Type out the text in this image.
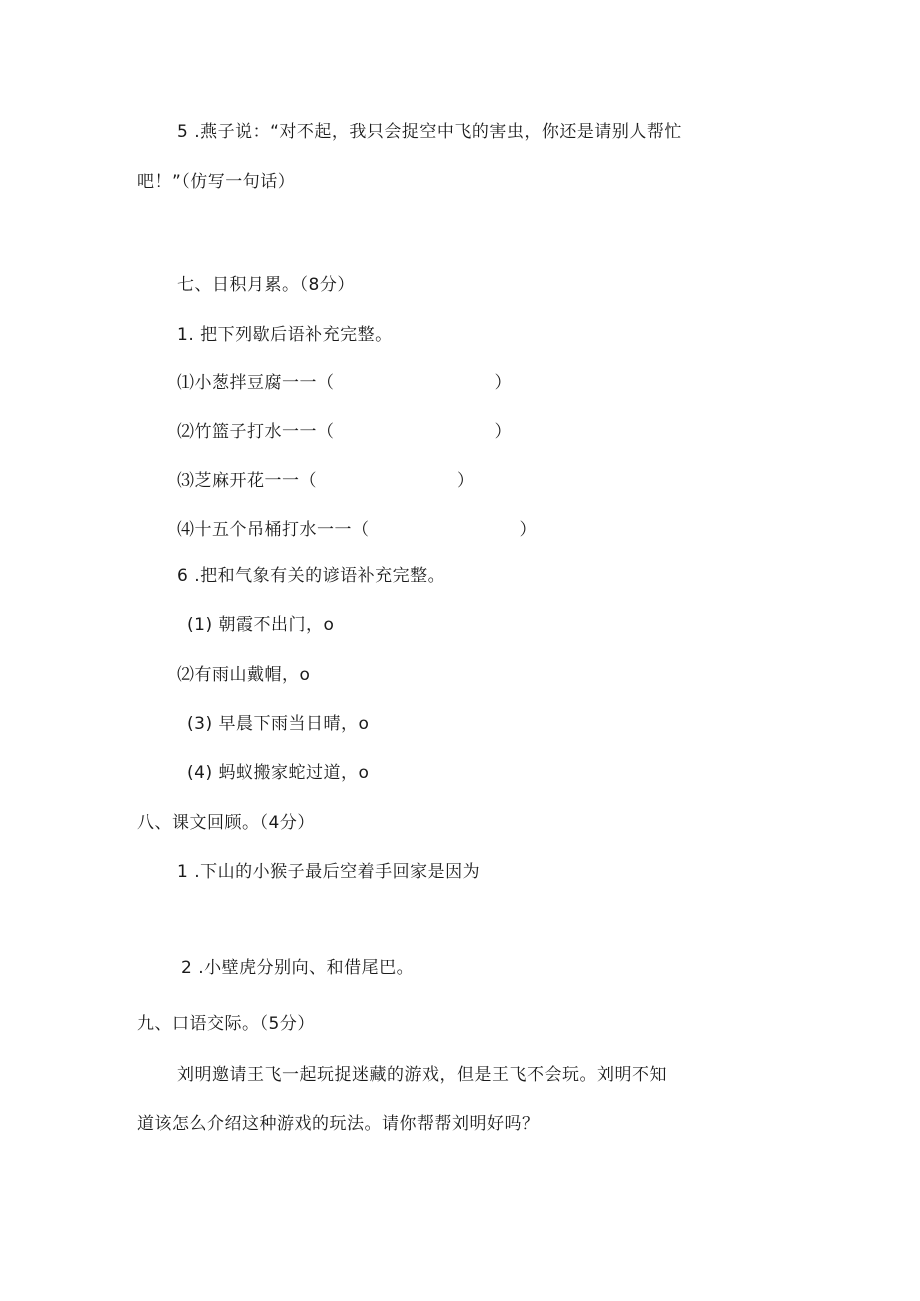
5 .燕子说：“对不起，我只会捉空中飞的害虫，你还是请别人帮忙
吧！”（仿写一句话）
七、日积月累。（8分）
1. 把下列歇后语补充完整。
⑴小葱拌豆腐一一（	）
⑵竹篮子打水一一（	）
⑶芝麻开花一一（	）
⑷十五个吊桶打水一一（	）
6 .把和气象有关的谚语补充完整。
(1) 朝霞不出门，o
⑵有雨山戴帽，o
(3) 早晨下雨当日晴，o
(4) 蚂蚁搬家蛇过道，o
八、课文回顾。（4分）
1 .下山的小猴子最后空着手回家是因为
2 .小壁虎分别向、和借尾巴。
九、口语交际。（5分）
刘明邀请王飞一起玩捉迷藏的游戏，但是王飞不会玩。刘明不知
道该怎么介绍这种游戏的玩法。请你帮帮刘明好吗？
